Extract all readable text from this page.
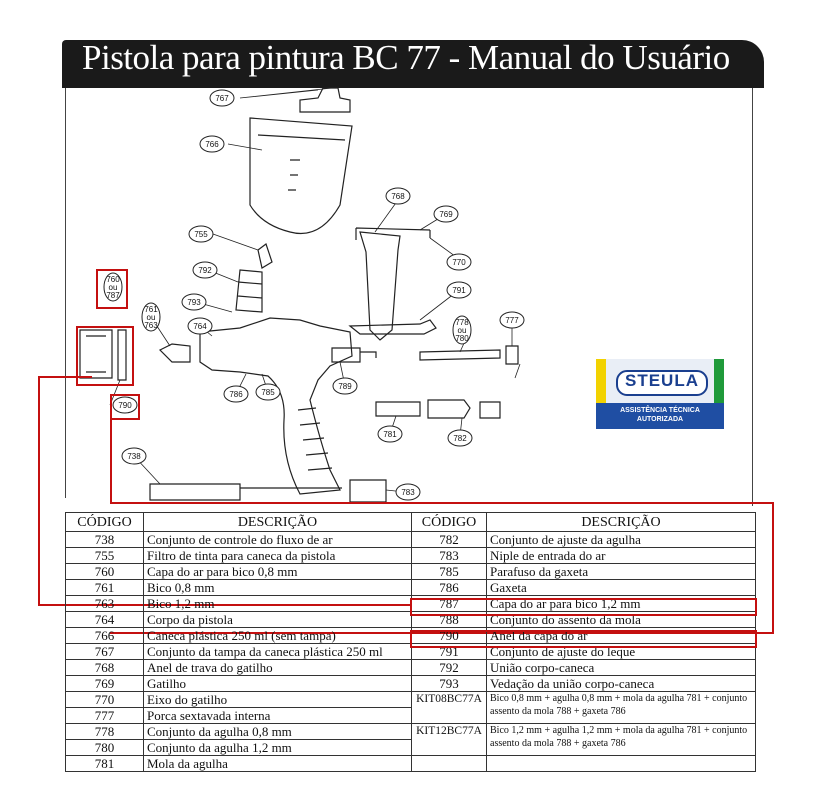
Pistola para pintura BC 77 - Manual do Usuário
767
766
755
792
793
764
761 ou 763
760 ou 787
790
768
769
770
791
778 ou 780
777
789
786 785
781	782
738
783
STEULA
ASSISTÊNCIA TÉCNICA
AUTORIZADA
CÓDIGO	DESCRIÇÃO	CÓDIGO	DESCRIÇÃO
738	Conjunto de controle do fluxo de ar	782	Conjunto de ajuste da agulha
755	Filtro de tinta para caneca da pistola	783	Niple de entrada do ar
760	Capa do ar para bico 0,8 mm	785	Parafuso da gaxeta
761	Bico 0,8 mm	786	Gaxeta
763	Bico 1,2 mm	787	Capa do ar para bico 1,2 mm
764	Corpo da pistola	788	Conjunto do assento da mola
766	Caneca plástica 250 ml (sem tampa)	790	Anel da capa do ar
767	Conjunto da tampa da caneca plástica 250 ml	791	Conjunto de ajuste do leque
768	Anel de trava do gatilho	792	União corpo-caneca
769	Gatilho	793	Vedação da união corpo-caneca
770	Eixo do gatilho	KIT08BC77A	Bico 0,8 mm + agulha 0,8 mm + mola da agulha 781 + conjunto assento da mola 788 + gaxeta 786
777	Porca sextavada interna		
778	Conjunto da agulha 0,8 mm	KIT12BC77A	Bico 1,2 mm + agulha 1,2 mm + mola da agulha 781 + conjunto assento da mola 788 + gaxeta 786
780	Conjunto da agulha 1,2 mm		
781	Mola da agulha		
